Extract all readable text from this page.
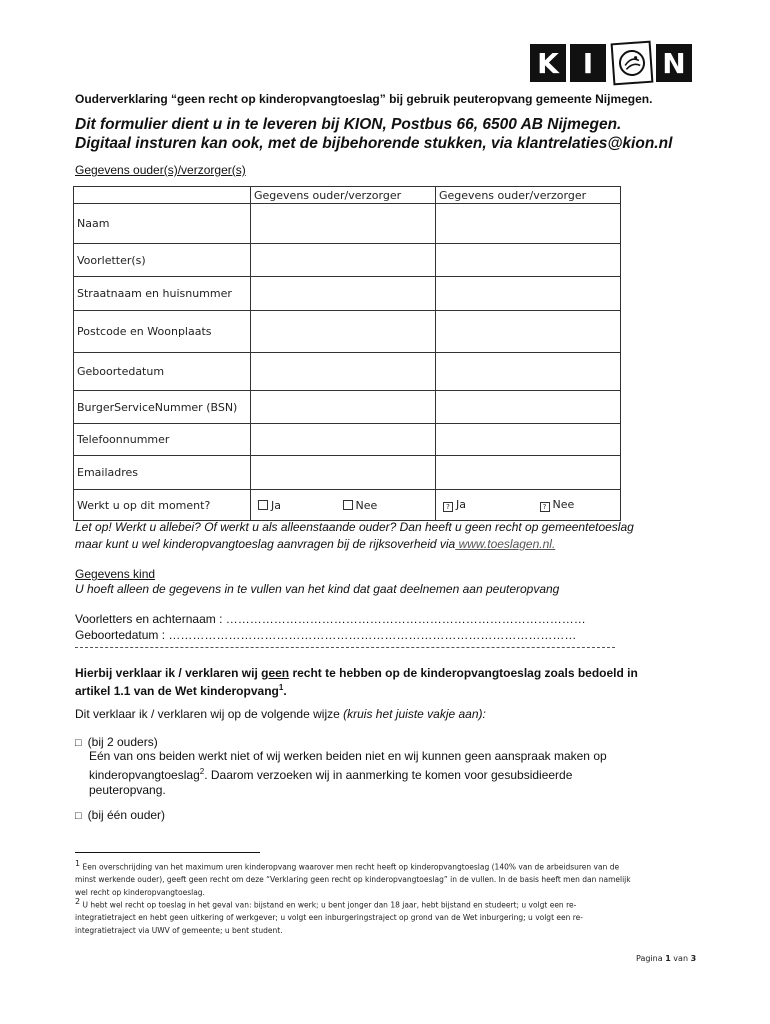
K I	N
Ouderverklaring “geen recht op kinderopvangtoeslag” bij gebruik peuteropvang gemeente Nijmegen.
Dit formulier dient u in te leveren bij KION, Postbus 66, 6500 AB Nijmegen.
Digitaal insturen kan ook, met de bijbehorende stukken, via klantrelaties@kion.nl
Gegevens ouder(s)/verzorger(s)
	Gegevens ouder/verzorger	Gegevens ouder/verzorger
Naam		
Voorletter(s)		
Straatnaam en huisnummer		
Postcode en Woonplaats		
Geboortedatum		
BurgerServiceNummer (BSN)		
Telefoonnummer		
Emailadres		
Werkt u op dit moment?	Ja Nee	? Ja ? Nee
Let op! Werkt u allebei? Of werkt u als alleenstaande ouder? Dan heeft u geen recht op gemeentetoeslag
maar kunt u wel kinderopvangtoeslag aanvragen bij de rijksoverheid via www.toeslagen.nl.
Gegevens kind
U hoeft alleen de gegevens in te vullen van het kind dat gaat deelnemen aan peuteropvang
Voorletters en achternaam : ………………………………………………………………………………
Geboortedatum : …………………………………………………………………………………………
Hierbij verklaar ik / verklaren wij geen recht te hebben op de kinderopvangtoeslag zoals bedoeld in
artikel 1.1 van de Wet kinderopvang$^1$.
Dit verklaar ik / verklaren wij op de volgende wijze (kruis het juiste vakje aan):
□ (bij 2 ouders)
Eén van ons beiden werkt niet of wij werken beiden niet en wij kunnen geen aanspraak maken op
kinderopvangtoeslag$^2$. Daarom verzoeken wij in aanmerking te komen voor gesubsidieerde
peuteropvang.
□ (bij één ouder)
$^1$ Een overschrijding van het maximum uren kinderopvang waarover men recht heeft op kinderopvangtoeslag (140% van de arbeidsuren van de
minst werkende ouder), geeft geen recht om deze “Verklaring geen recht op kinderopvangtoeslag” in de vullen. In de basis heeft men dan namelijk
wel recht op kinderopvangtoeslag.
$^2$ U hebt wel recht op toeslag in het geval van: bijstand en werk; u bent jonger dan 18 jaar, hebt bijstand en studeert; u volgt een re-
integratietraject en hebt geen uitkering of werkgever; u volgt een inburgeringstraject op grond van de Wet inburgering; u volgt een re-
integratietraject via UWV of gemeente; u bent student.
Pagina 1 van 3
